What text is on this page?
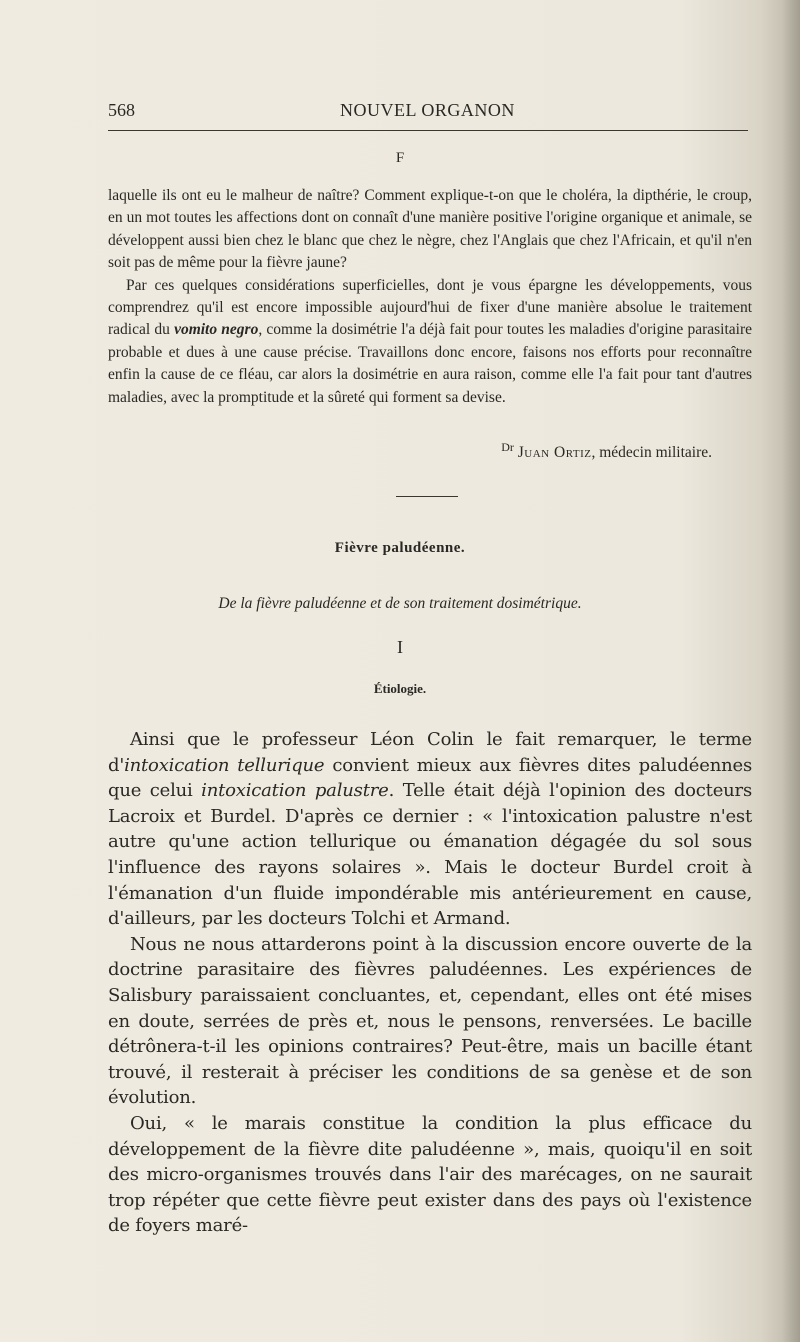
568	NOUVEL ORGANON
F

laquelle ils ont eu le malheur de naître? Comment explique-t-on que le choléra, la dipthérie, le croup, en un mot toutes les affections dont on connaît d'une manière positive l'origine organique et animale, se développent aussi bien chez le blanc que chez le nègre, chez l'Anglais que chez l'Africain, et qu'il n'en soit pas de même pour la fièvre jaune?

Par ces quelques considérations superficielles, dont je vous épargne les développements, vous comprendrez qu'il est encore impossible aujourd'hui de fixer d'une manière absolue le traitement radical du vomito negro, comme la dosimétrie l'a déjà fait pour toutes les maladies d'origine parasitaire probable et dues à une cause précise. Travaillons donc encore, faisons nos efforts pour reconnaître enfin la cause de ce fléau, car alors la dosimétrie en aura raison, comme elle l'a fait pour tant d'autres maladies, avec la promptitude et la sûreté qui forment sa devise.

$^{Dr}$ Juan Ortiz, médecin militaire.
Fièvre paludéenne.
De la fièvre paludéenne et de son traitement dosimétrique.
I
Étiologie.

Ainsi que le professeur Léon Colin le fait remarquer, le terme d'intoxication tellurique convient mieux aux fièvres dites paludéennes que celui intoxication palustre. Telle était déjà l'opinion des docteurs Lacroix et Burdel. D'après ce dernier : « l'intoxication palustre n'est autre qu'une action tellurique ou émanation dégagée du sol sous l'influence des rayons solaires ». Mais le docteur Burdel croit à l'émanation d'un fluide impondérable mis antérieurement en cause, d'ailleurs, par les docteurs Tolchi et Armand.

Nous ne nous attarderons point à la discussion encore ouverte de la doctrine parasitaire des fièvres paludéennes. Les expériences de Salisbury paraissaient concluantes, et, cependant, elles ont été mises en doute, serrées de près et, nous le pensons, renversées. Le bacille détrônera-t-il les opinions contraires? Peut-être, mais un bacille étant trouvé, il resterait à préciser les conditions de sa genèse et de son évolution.

Oui, « le marais constitue la condition la plus efficace du développement de la fièvre dite paludéenne », mais, quoiqu'il en soit des micro-organismes trouvés dans l'air des marécages, on ne saurait trop répéter que cette fièvre peut exister dans des pays où l'existence de foyers maré-
